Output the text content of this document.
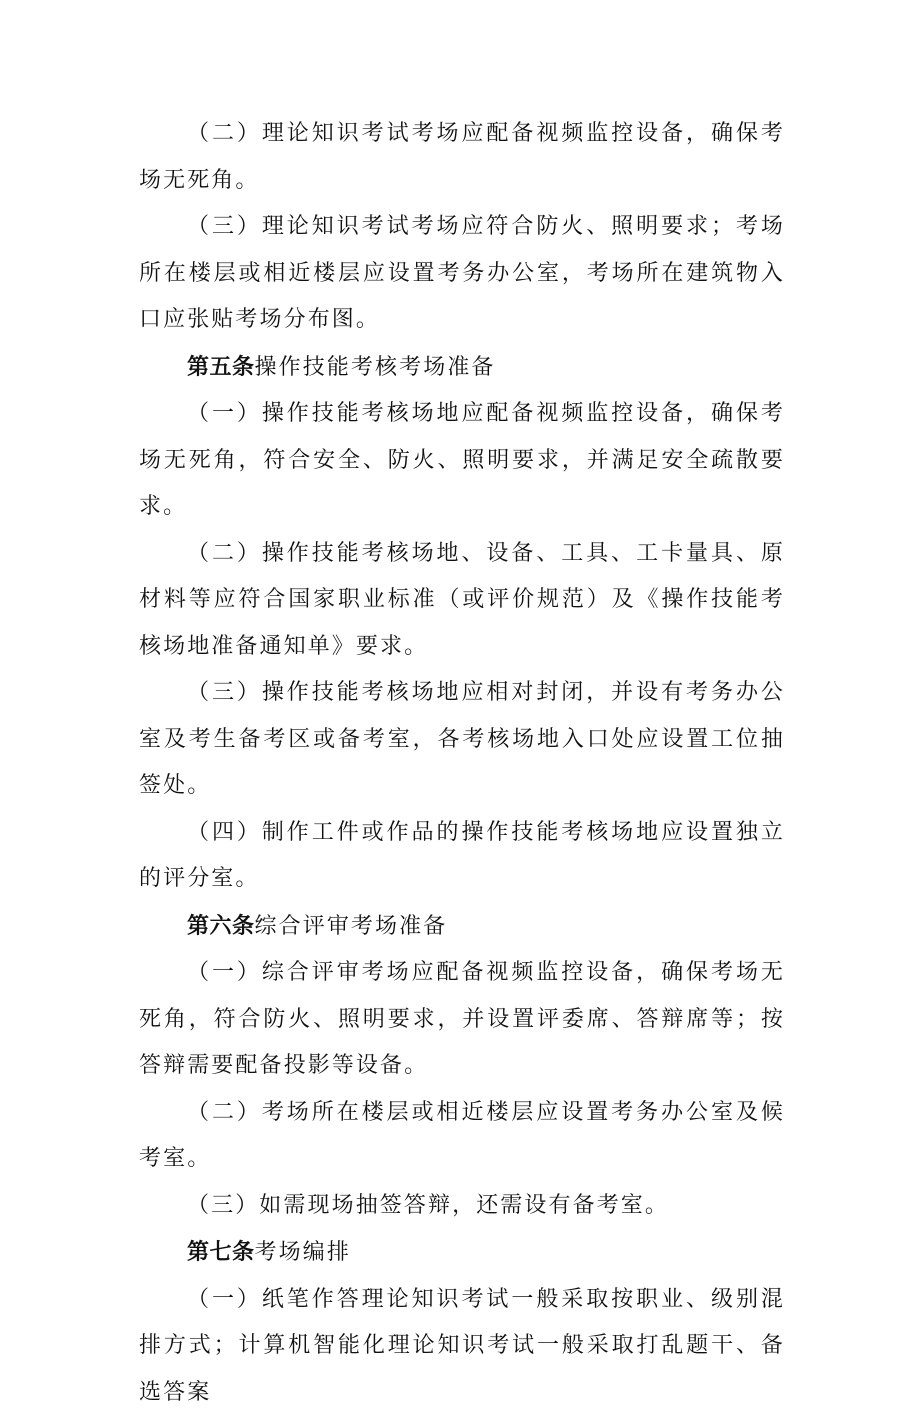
（二）理论知识考试考场应配备视频监控设备，确保考场无死角。

（三）理论知识考试考场应符合防火、照明要求；考场所在楼层或相近楼层应设置考务办公室，考场所在建筑物入口应张贴考场分布图。

第五条操作技能考核考场准备

（一）操作技能考核场地应配备视频监控设备，确保考场无死角，符合安全、防火、照明要求，并满足安全疏散要求。

（二）操作技能考核场地、设备、工具、工卡量具、原材料等应符合国家职业标准（或评价规范）及《操作技能考核场地准备通知单》要求。

（三）操作技能考核场地应相对封闭，并设有考务办公室及考生备考区或备考室，各考核场地入口处应设置工位抽签处。

（四）制作工件或作品的操作技能考核场地应设置独立的评分室。

第六条综合评审考场准备

（一）综合评审考场应配备视频监控设备，确保考场无死角，符合防火、照明要求，并设置评委席、答辩席等；按答辩需要配备投影等设备。

（二）考场所在楼层或相近楼层应设置考务办公室及候考室。

（三）如需现场抽签答辩，还需设有备考室。

第七条考场编排

（一）纸笔作答理论知识考试一般采取按职业、级别混排方式；计算机智能化理论知识考试一般采取打乱题干、备选答案
